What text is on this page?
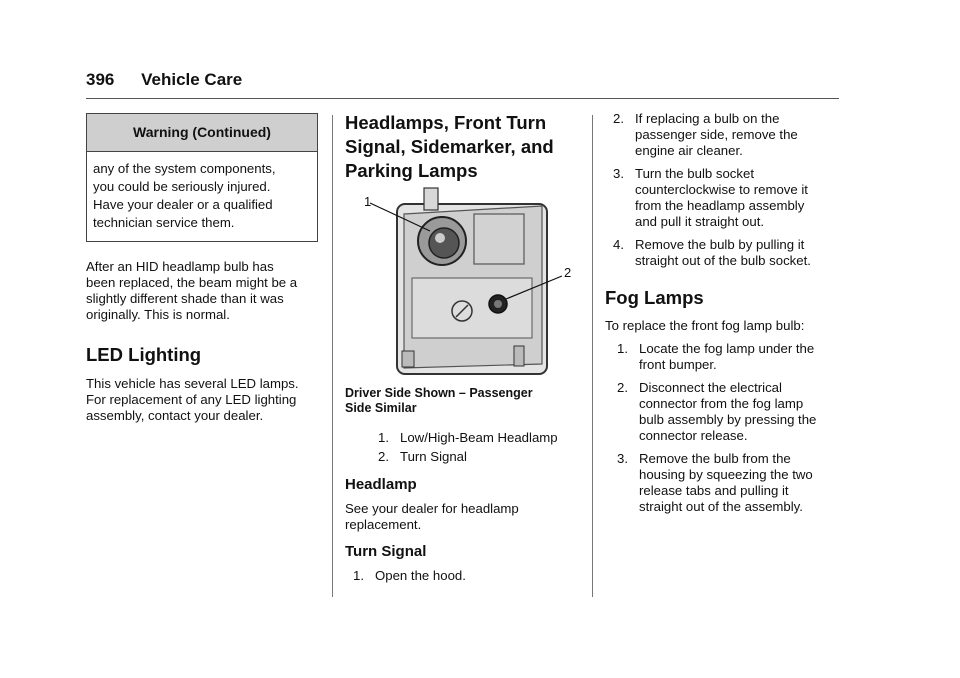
396 Vehicle Care
Warning (Continued)
any of the system components,
you could be seriously injured.
Have your dealer or a qualified
technician service them.
After an HID headlamp bulb has
been replaced, the beam might be a
slightly different shade than it was
originally. This is normal.
LED Lighting
This vehicle has several LED lamps.
For replacement of any LED lighting
assembly, contact your dealer.
Headlamps, Front Turn
Signal, Sidemarker, and
Parking Lamps
1
2
Driver Side Shown – Passenger
Side Similar
1. Low/High-Beam Headlamp
2. Turn Signal
Headlamp
See your dealer for headlamp
replacement.
Turn Signal
1. Open the hood.
2. If replacing a bulb on the
passenger side, remove the
engine air cleaner.
3. Turn the bulb socket
counterclockwise to remove it
from the headlamp assembly
and pull it straight out.
4. Remove the bulb by pulling it
straight out of the bulb socket.
Fog Lamps
To replace the front fog lamp bulb:
1. Locate the fog lamp under the
front bumper.
2. Disconnect the electrical
connector from the fog lamp
bulb assembly by pressing the
connector release.
3. Remove the bulb from the
housing by squeezing the two
release tabs and pulling it
straight out of the assembly.
